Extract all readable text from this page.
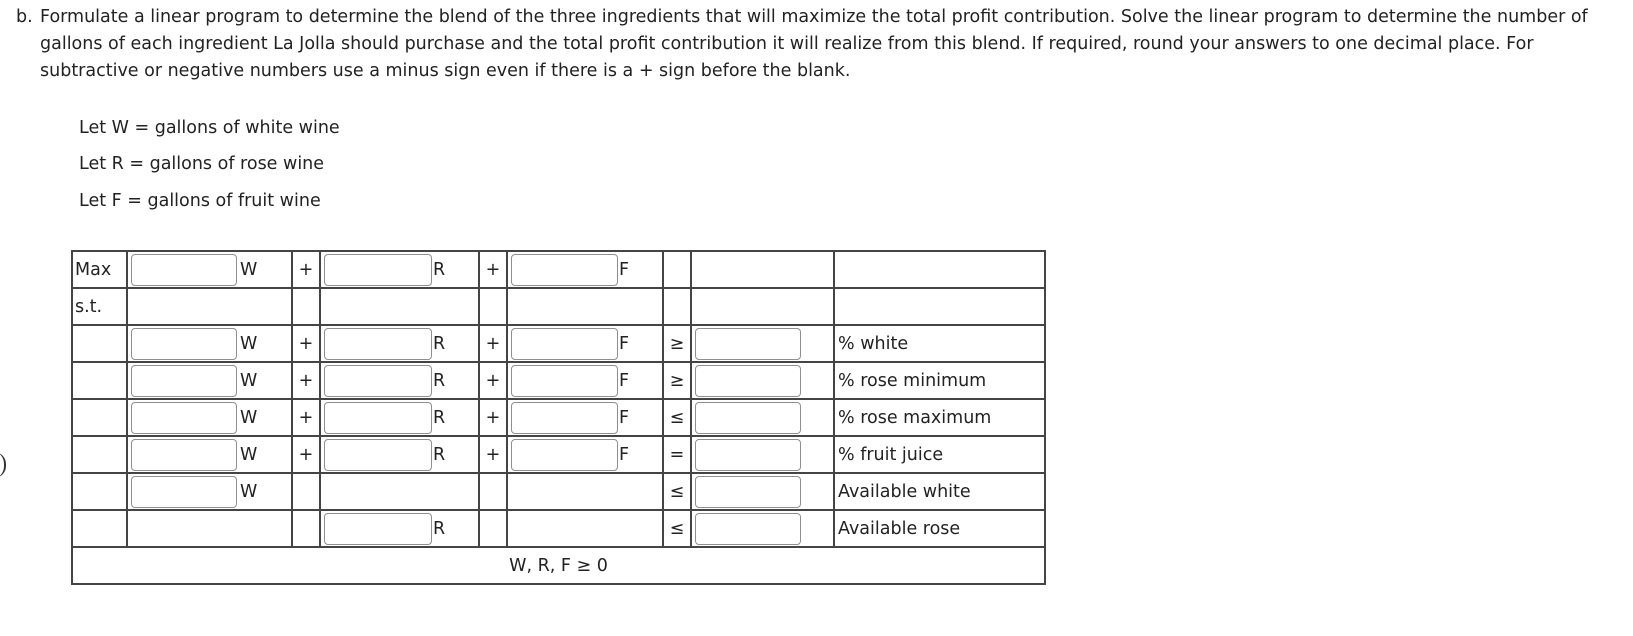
b. Formulate a linear program to determine the blend of the three ingredients that will maximize the total profit contribution. Solve the linear program to determine the number of gallons of each ingredient La Jolla should purchase and the total profit contribution it will realize from this blend. If required, round your answers to one decimal place. For subtractive or negative numbers use a minus sign even if there is a + sign before the blank.
Let W = gallons of white wine
Let R = gallons of rose wine
Let F = gallons of fruit wine
Max	W	+	R	+	F			

s.t.								

	W	+	R	+	F	≥		% white

	W	+	R	+	F	≥		% rose minimum

	W	+	R	+	F	≤		% rose maximum

	W	+	R	+	F	=		% fruit juice

	W					≤		Available white

			R			≤		Available rose
W, R, F ≥ 0								
